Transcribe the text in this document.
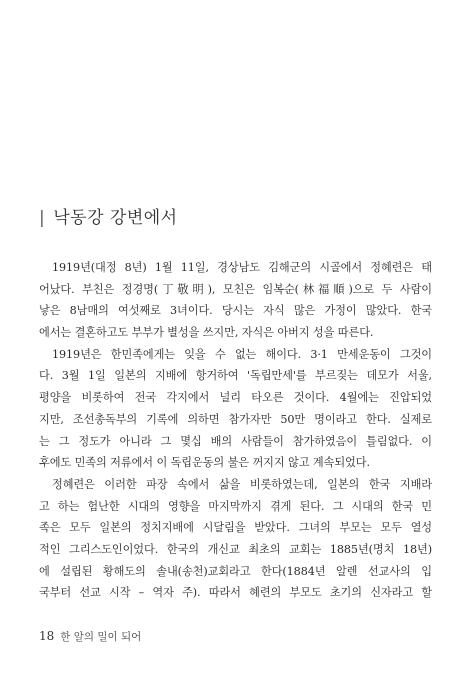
| 낙동강 강변에서
1919년(대정 8년) 1월 11일, 경상남도 김해군의 시골에서 정혜련은 태
어났다. 부친은 정경명(丁敬明), 모친은 임복순(林福順)으로 두 사람이
낳은 8남매의 여섯째로 3녀이다. 당시는 자식 많은 가정이 많았다. 한국
에서는 결혼하고도 부부가 별성을 쓰지만, 자식은 아버지 성을 따른다.
1919년은 한민족에게는 잊을 수 없는 해이다. 3·1 만세운동이 그것이
다. 3월 1일 일본의 지배에 항거하여 '독립만세'를 부르짖는 데모가 서울,
평양을 비롯하여 전국 각지에서 널리 타오른 것이다. 4월에는 진압되었
지만, 조선총독부의 기록에 의하면 참가자만 50만 명이라고 한다. 실제로
는 그 정도가 아니라 그 몇십 배의 사람들이 참가하였음이 틀림없다. 이
후에도 민족의 저류에서 이 독립운동의 불은 꺼지지 않고 계속되었다.
정혜련은 이러한 파장 속에서 삶을 비롯하였는데, 일본의 한국 지배라
고 하는 험난한 시대의 영향을 마지막까지 겪게 된다. 그 시대의 한국 민
족은 모두 일본의 정치지배에 시달림을 받았다. 그녀의 부모는 모두 열성
적인 그리스도인이었다. 한국의 개신교 최초의 교회는 1885년(명치 18년)
에 설립된 황해도의 솔내(송천)교회라고 한다(1884년 알렌 선교사의 입
국부터 선교 시작 – 역자 주). 따라서 혜련의 부모도 초기의 신자라고 할
18 한 알의 밀이 되어
